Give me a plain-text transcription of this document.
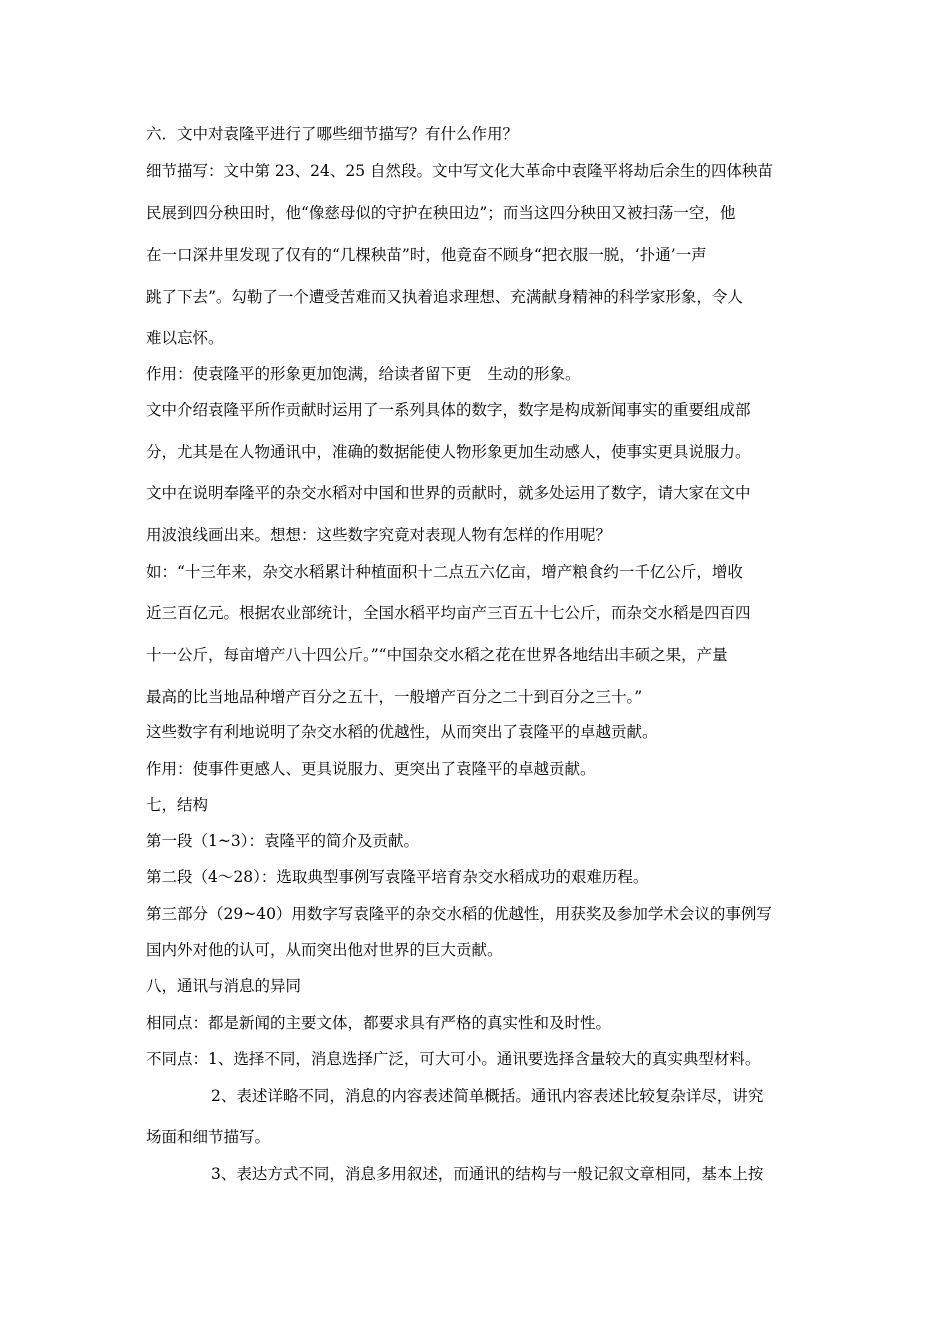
六．文中对袁隆平进行了哪些细节描写？有什么作用？
细节描写：文中第 23、24、25 自然段。文中写文化大革命中袁隆平将劫后余生的四体秧苗
民展到四分秧田时，他“像慈母似的守护在秧田边”；而当这四分秧田又被扫荡一空，他
在一口深井里发现了仅有的“几棵秧苗”时，他竟奋不顾身“把衣服一脱，‘扑通’一声
跳了下去”。勾勒了一个遭受苦难而又执着追求理想、充满献身精神的科学家形象，令人
难以忘怀。
作用：使袁隆平的形象更加饱满，给读者留下更 生动的形象。
文中介绍袁隆平所作贡献时运用了一系列具体的数字，数字是构成新闻事实的重要组成部
分，尤其是在人物通讯中，准确的数据能使人物形象更加生动感人，使事实更具说服力。
文中在说明奉隆平的杂交水稻对中国和世界的贡献时，就多处运用了数字，请大家在文中
用波浪线画出来。想想：这些数字究竟对表现人物有怎样的作用呢？
如：“十三年来，杂交水稻累计种植面积十二点五六亿亩，增产粮食约一千亿公斤，增收
近三百亿元。根据农业部统计，全国水稻平均亩产三百五十七公斤，而杂交水稻是四百四
十一公斤，每亩增产八十四公斤。”“中国杂交水稻之花在世界各地结出丰硕之果，产量
最高的比当地品种增产百分之五十，一般增产百分之二十到百分之三十。”
这些数字有利地说明了杂交水稻的优越性，从而突出了袁隆平的卓越贡献。
作用：使事件更感人、更具说服力、更突出了袁隆平的卓越贡献。
七，结构
第一段（1~3）：袁隆平的简介及贡献。
第二段（4～28）：选取典型事例写袁隆平培育杂交水稻成功的艰难历程。
第三部分（29~40）用数字写袁隆平的杂交水稻的优越性，用获奖及参加学术会议的事例写
国内外对他的认可，从而突出他对世界的巨大贡献。
八，通讯与消息的异同
相同点：都是新闻的主要文体，都要求具有严格的真实性和及时性。
不同点：1、选择不同，消息选择广泛，可大可小。通讯要选择含量较大的真实典型材料。
2、表述详略不同，消息的内容表述简单概括。通讯内容表述比较复杂详尽，讲究
场面和细节描写。
3、表达方式不同，消息多用叙述，而通讯的结构与一般记叙文章相同，基本上按
